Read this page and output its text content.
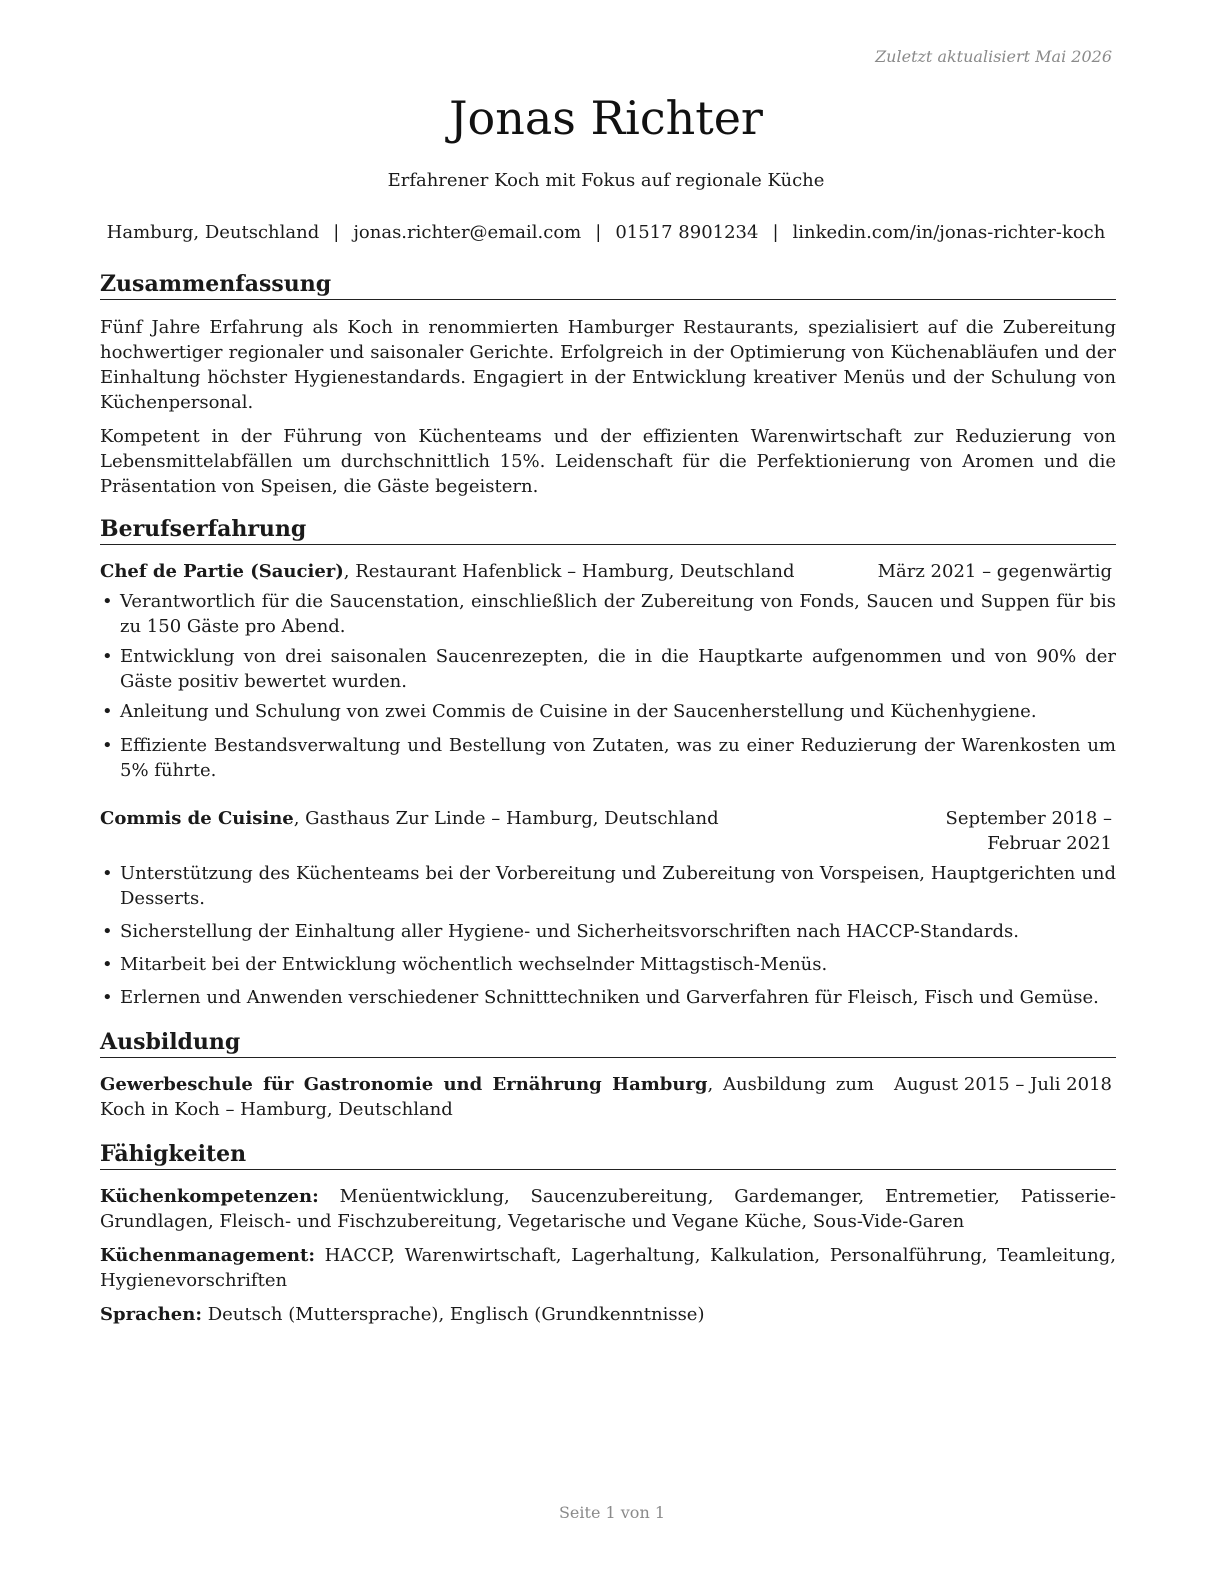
Zuletzt aktualisiert Mai 2026
Jonas Richter
Erfahrener Koch mit Fokus auf regionale Küche
Hamburg, Deutschland | jonas.richter@email.com | 01517 8901234 | linkedin.com/in/jonas-richter-koch
Zusammenfassung

Fünf Jahre Erfahrung als Koch in renommierten Hamburger Restaurants, spezialisiert auf die Zubereitung hochwertiger regionaler und saisonaler Gerichte. Erfolgreich in der Optimierung von Küchenabläufen und der Einhaltung höchster Hygienestandards. Engagiert in der Entwicklung kreativer Menüs und der Schulung von Küchenpersonal.

Kompetent in der Führung von Küchenteams und der effizienten Warenwirtschaft zur Reduzierung von Lebensmittelabfällen um durchschnittlich 15%. Leidenschaft für die Perfektionierung von Aromen und die Präsentation von Speisen, die Gäste begeistern.

Berufserfahrung
Chef de Partie (Saucier), Restaurant Hafenblick – Hamburg, Deutschland	März 2021 – gegenwärtig
• Verantwortlich für die Saucenstation, einschließlich der Zubereitung von Fonds, Saucen und Suppen für bis zu 150 Gäste pro Abend.
• Entwicklung von drei saisonalen Saucenrezepten, die in die Hauptkarte aufgenommen und von 90% der Gäste positiv bewertet wurden.
• Anleitung und Schulung von zwei Commis de Cuisine in der Saucenherstellung und Küchenhygiene.
• Effiziente Bestandsverwaltung und Bestellung von Zutaten, was zu einer Reduzierung der Warenkosten um 5% führte.
Commis de Cuisine, Gasthaus Zur Linde – Hamburg, Deutschland	September 2018 – Februar 2021
• Unterstützung des Küchenteams bei der Vorbereitung und Zubereitung von Vorspeisen, Hauptgerichten und Desserts.
• Sicherstellung der Einhaltung aller Hygiene- und Sicherheitsvorschriften nach HACCP-Standards.
• Mitarbeit bei der Entwicklung wöchentlich wechselnder Mittagstisch-Menüs.
• Erlernen und Anwenden verschiedener Schnitttechniken und Garverfahren für Fleisch, Fisch und Gemüse.
Ausbildung
Gewerbeschule für Gastronomie und Ernährung Hamburg, Ausbildung zum Koch in Koch – Hamburg, Deutschland
August 2015 – Juli 2018
Fähigkeiten
Küchenkompetenzen: Menüentwicklung, Saucenzubereitung, Gardemanger, Entremetier, Patisserie-Grundlagen, Fleisch- und Fischzubereitung, Vegetarische und Vegane Küche, Sous-Vide-Garen
Küchenmanagement: HACCP, Warenwirtschaft, Lagerhaltung, Kalkulation, Personalführung, Teamleitung, Hygienevorschriften
Sprachen: Deutsch (Muttersprache), Englisch (Grundkenntnisse)
Seite 1 von 1
